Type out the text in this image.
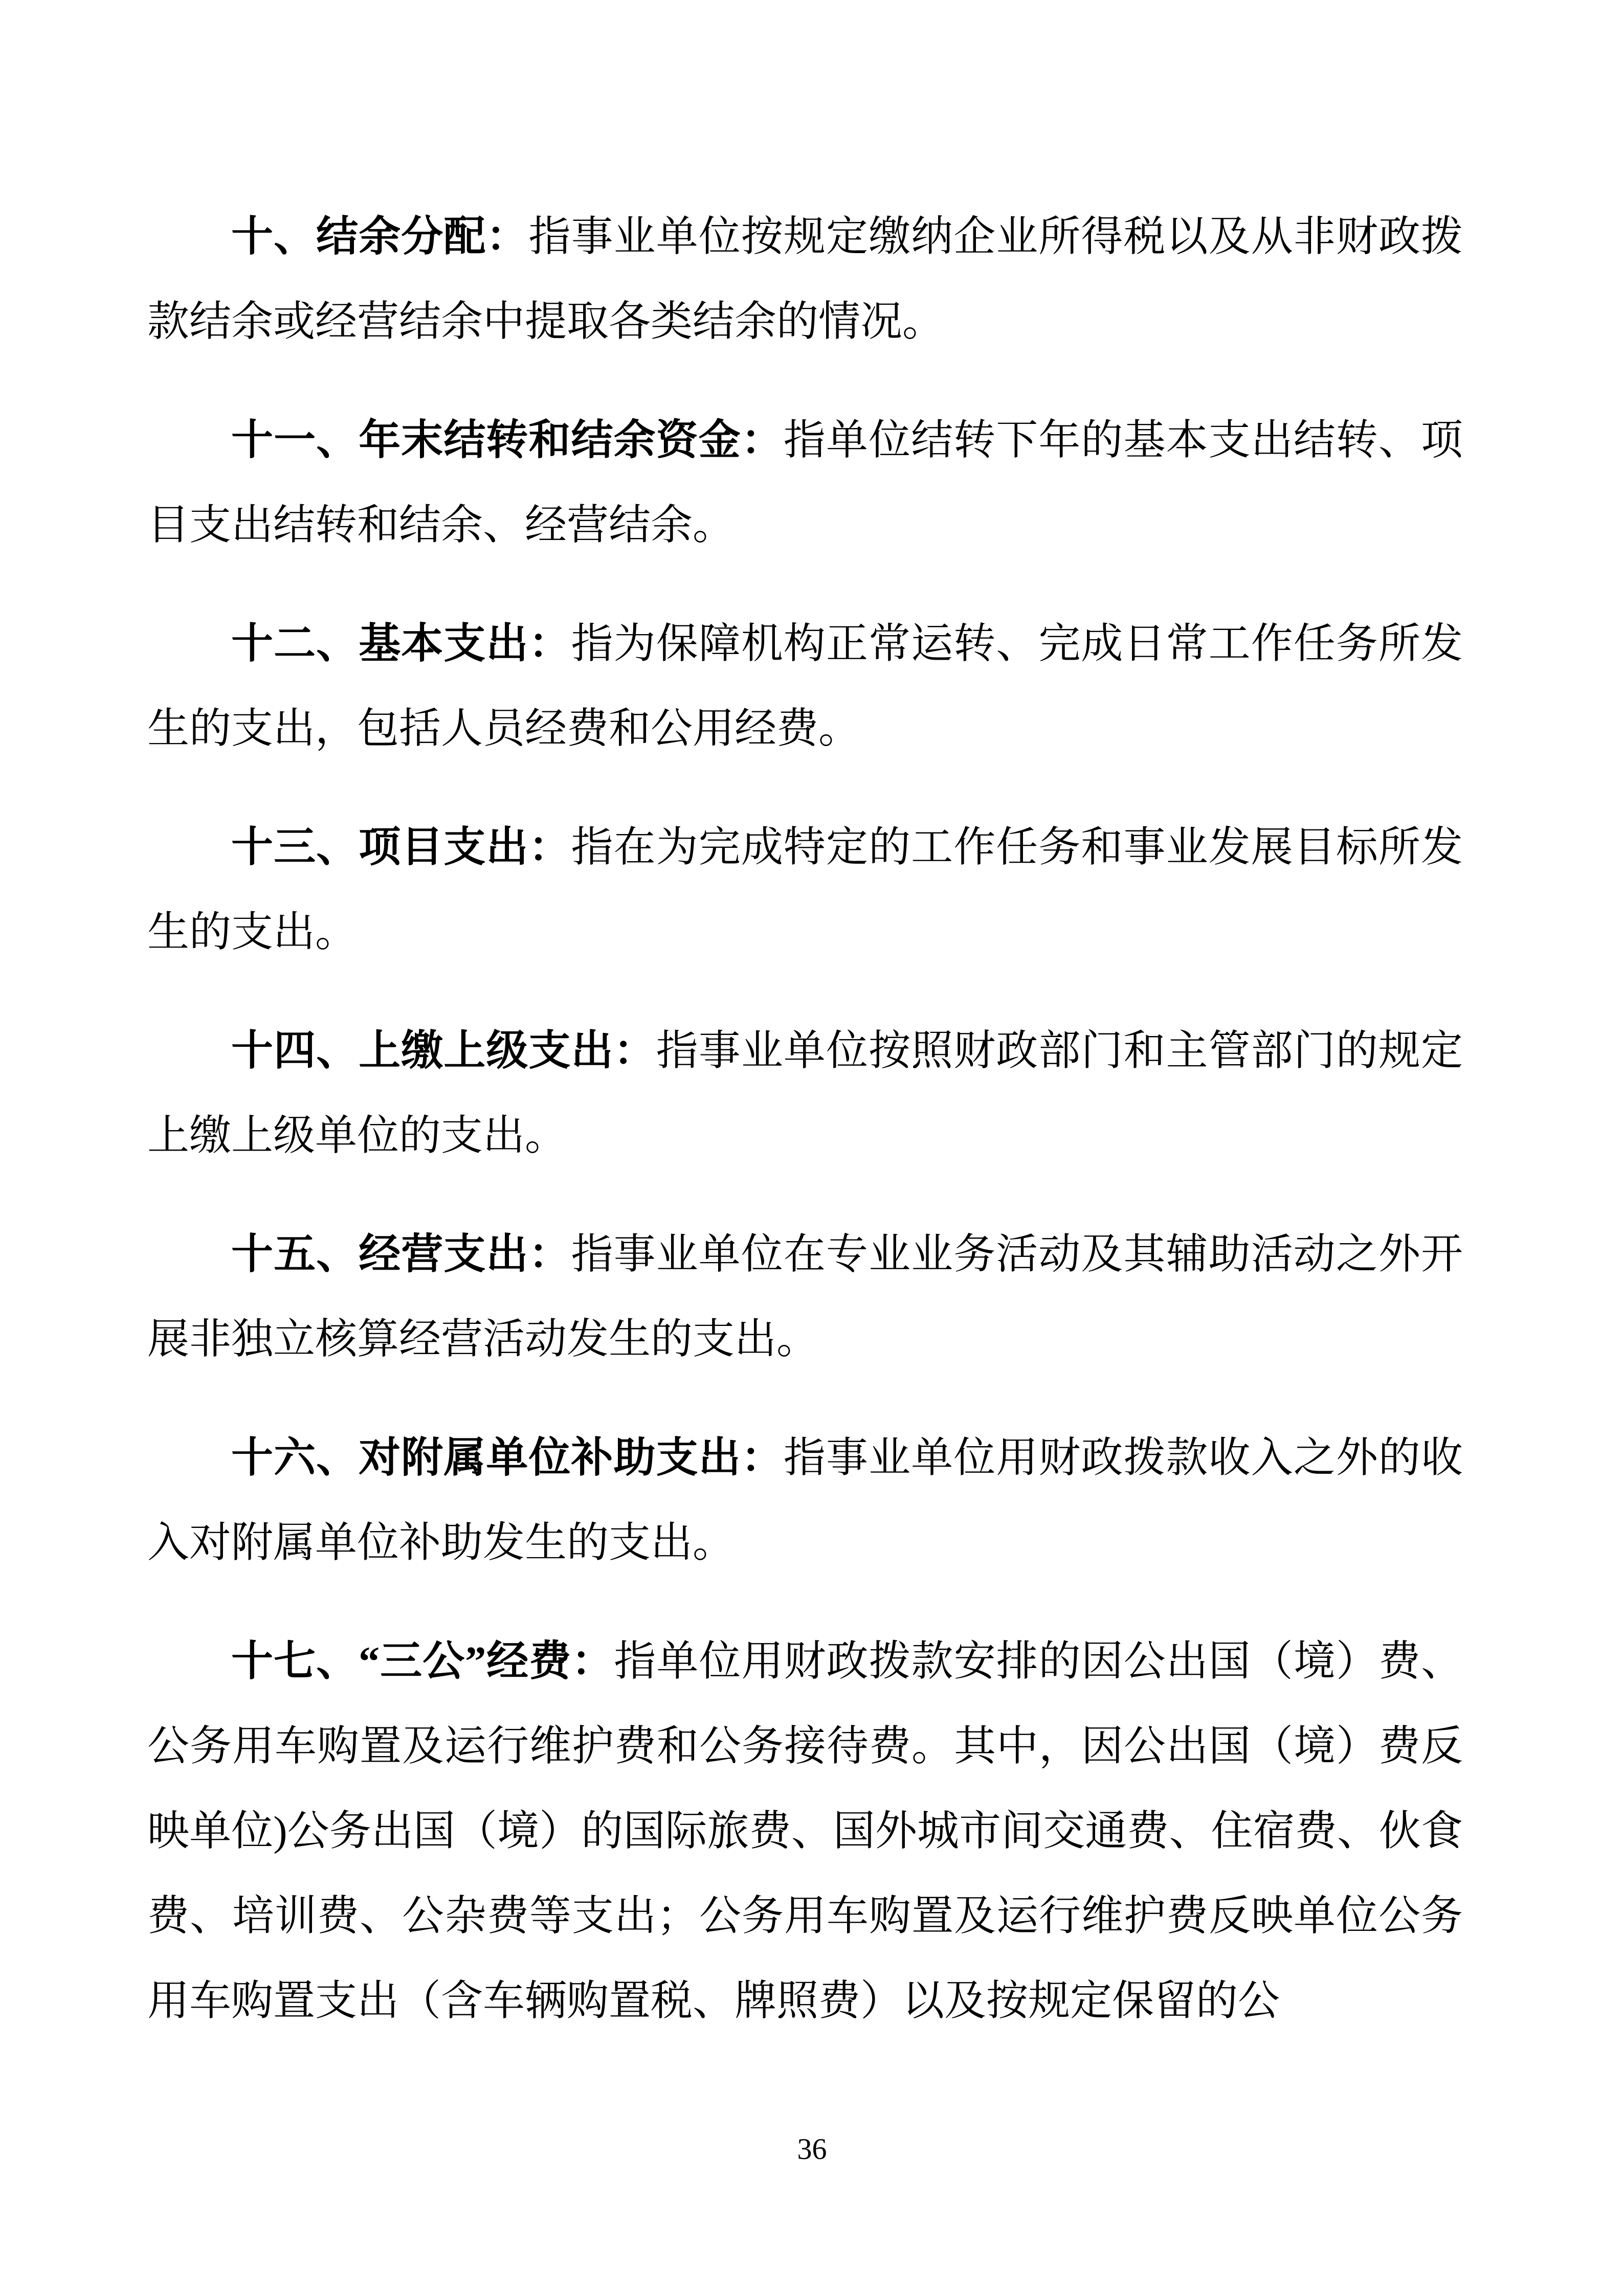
十、结余分配：指事业单位按规定缴纳企业所得税以及从非财政拨款结余或经营结余中提取各类结余的情况。

十一、年末结转和结余资金：指单位结转下年的基本支出结转、项目支出结转和结余、经营结余。

十二、基本支出：指为保障机构正常运转、完成日常工作任务所发生的支出，包括人员经费和公用经费。

十三、项目支出：指在为完成特定的工作任务和事业发展目标所发生的支出。

十四、上缴上级支出：指事业单位按照财政部门和主管部门的规定上缴上级单位的支出。

十五、经营支出：指事业单位在专业业务活动及其辅助活动之外开展非独立核算经营活动发生的支出。

十六、对附属单位补助支出：指事业单位用财政拨款收入之外的收入对附属单位补助发生的支出。

十七、“三公”经费：指单位用财政拨款安排的因公出国（境）费、公务用车购置及运行维护费和公务接待费。其中，因公出国（境）费反映单位)公务出国（境）的国际旅费、国外城市间交通费、住宿费、伙食费、培训费、公杂费等支出；公务用车购置及运行维护费反映单位公务用车购置支出（含车辆购置税、牌照费）以及按规定保留的公

36
